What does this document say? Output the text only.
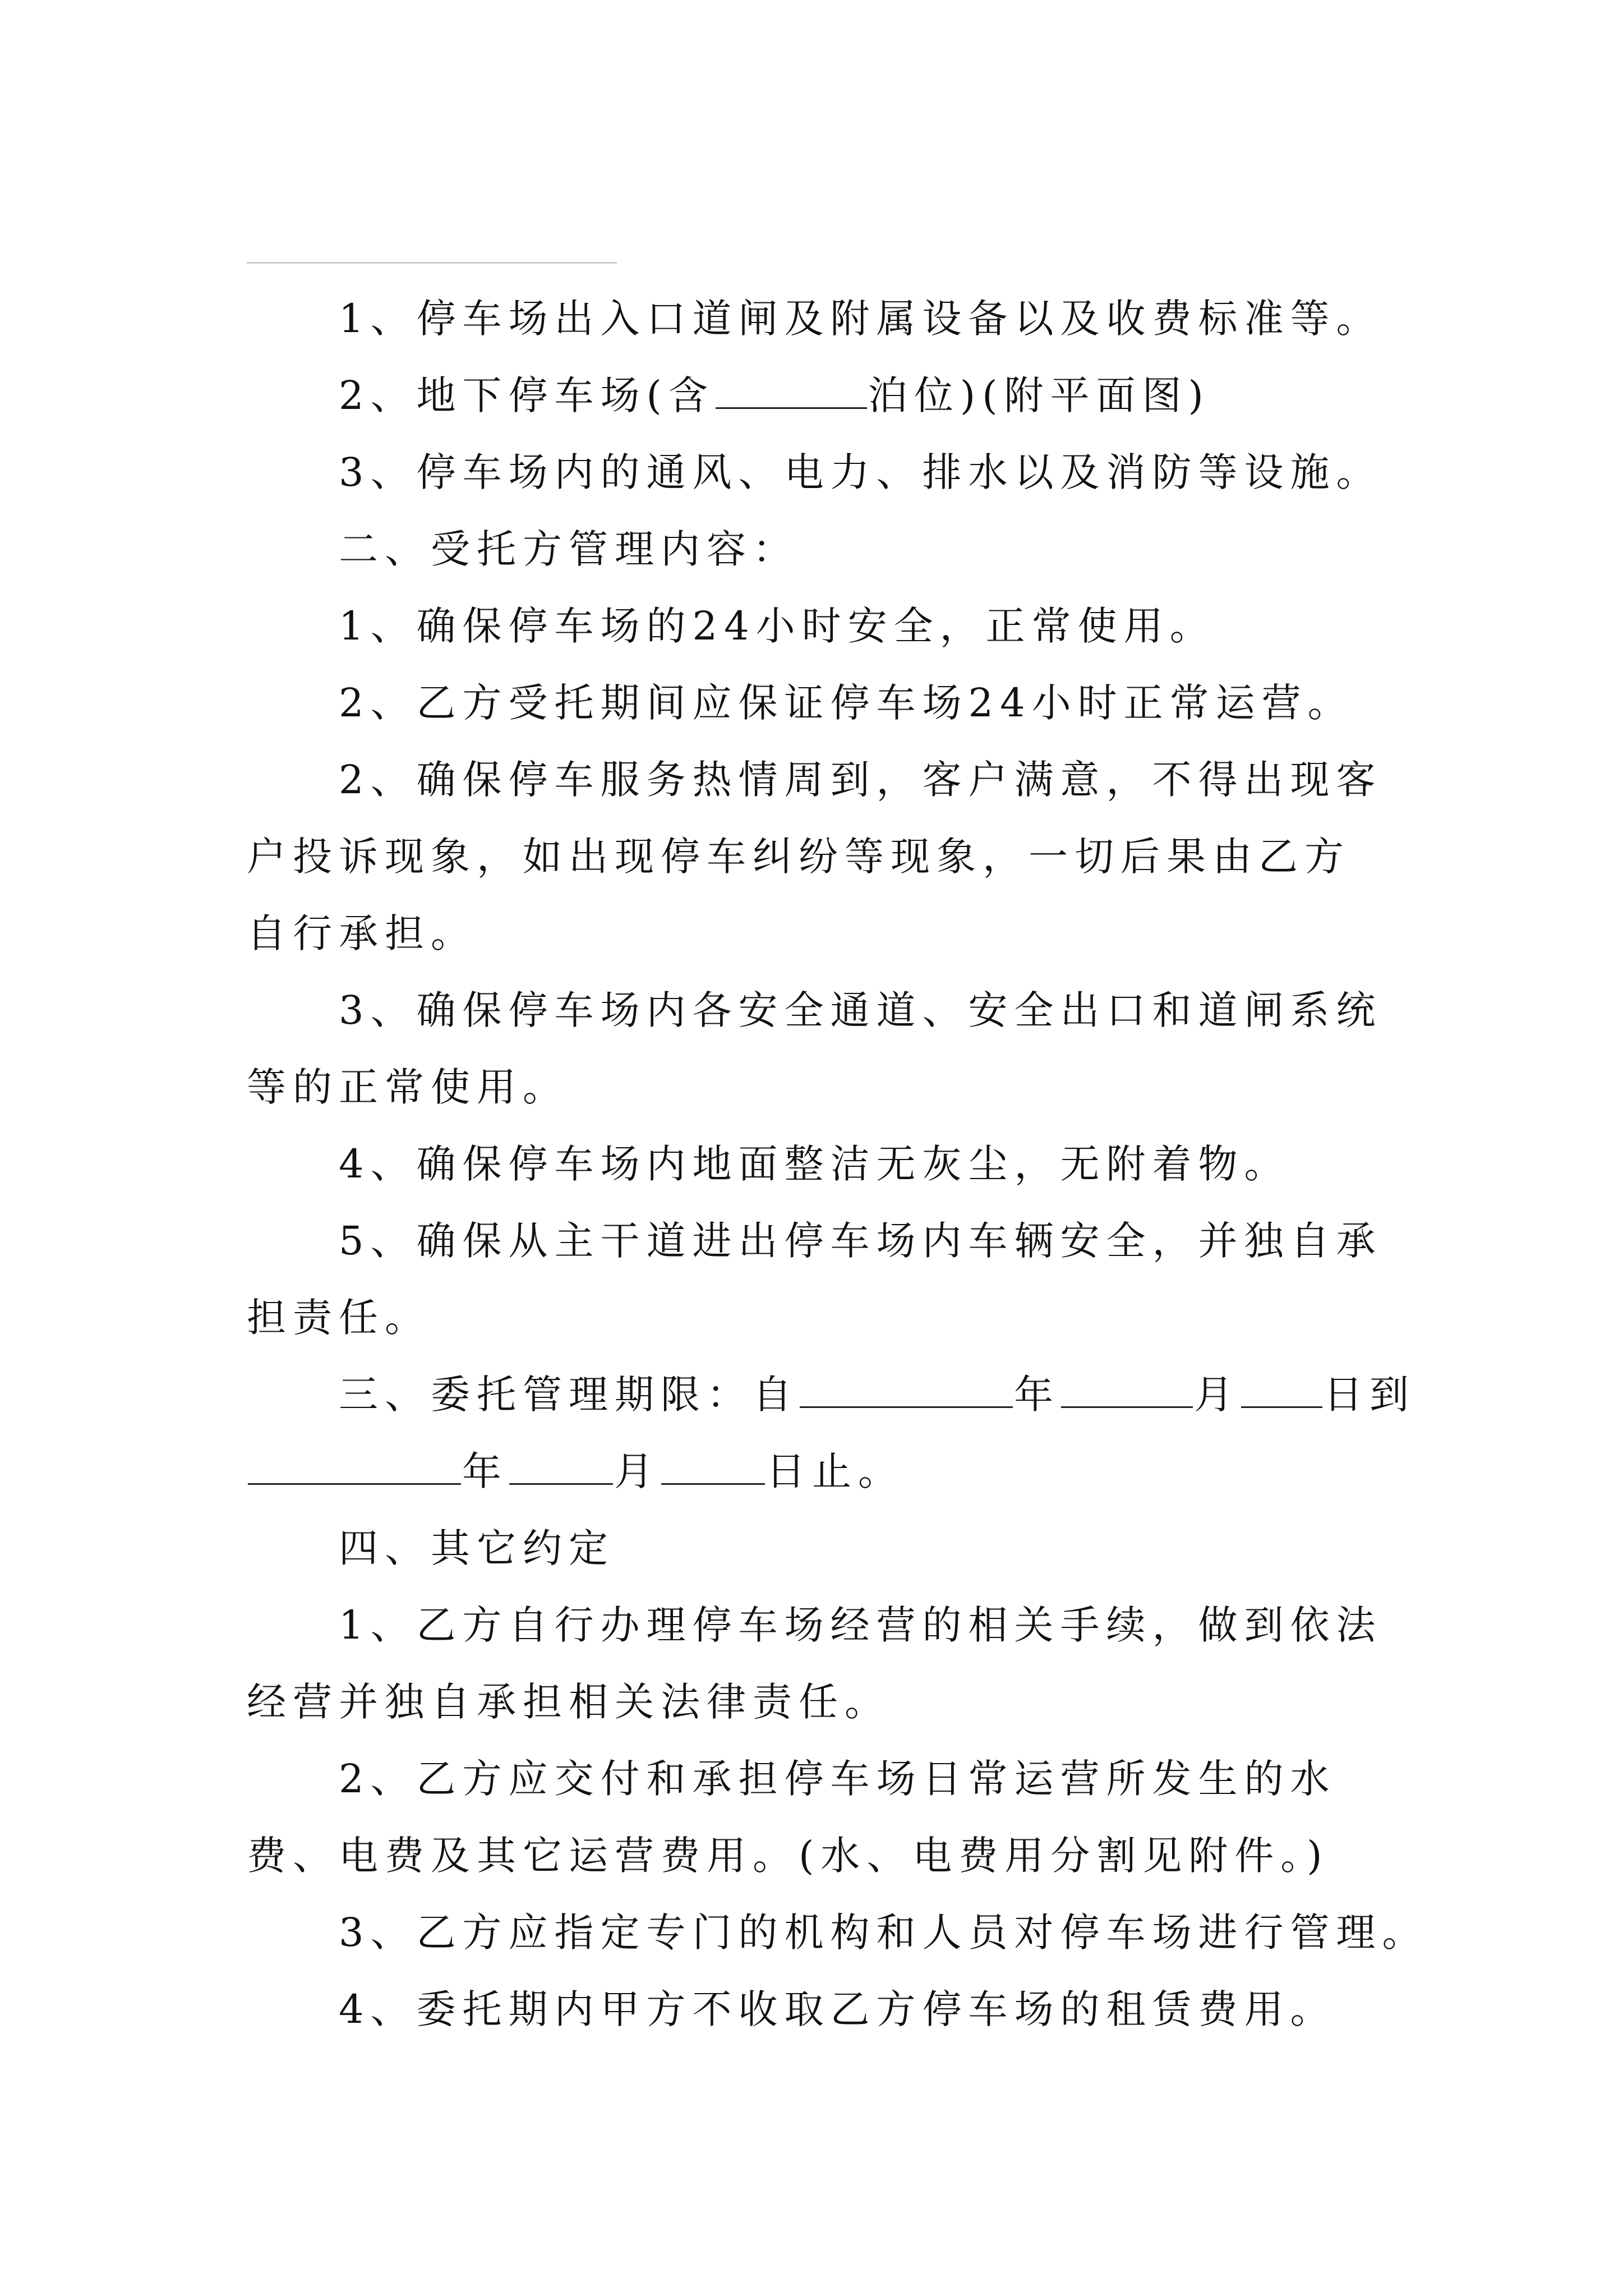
1、停车场出入口道闸及附属设备以及收费标准等。

2、地下停车场(含	泊位)(附平面图)

3、停车场内的通风、电力、排水以及消防等设施。

二、受托方管理内容：

1、确保停车场的24小时安全，正常使用。

2、乙方受托期间应保证停车场24小时正常运营。

2、确保停车服务热情周到，客户满意，不得出现客户投诉现象，如出现停车纠纷等现象，一切后果由乙方自行承担。

3、确保停车场内各安全通道、安全出口和道闸系统等的正常使用。

4、确保停车场内地面整洁无灰尘，无附着物。

5、确保从主干道进出停车场内车辆安全，并独自承担责任。

三、委托管理期限：自	年	月 日到

年	月	日止。

四、其它约定

1、乙方自行办理停车场经营的相关手续，做到依法经营并独自承担相关法律责任。

2、乙方应交付和承担停车场日常运营所发生的水费、电费及其它运营费用。(水、电费用分割见附件。)

3、乙方应指定专门的机构和人员对停车场进行管理。

4、委托期内甲方不收取乙方停车场的租赁费用。
